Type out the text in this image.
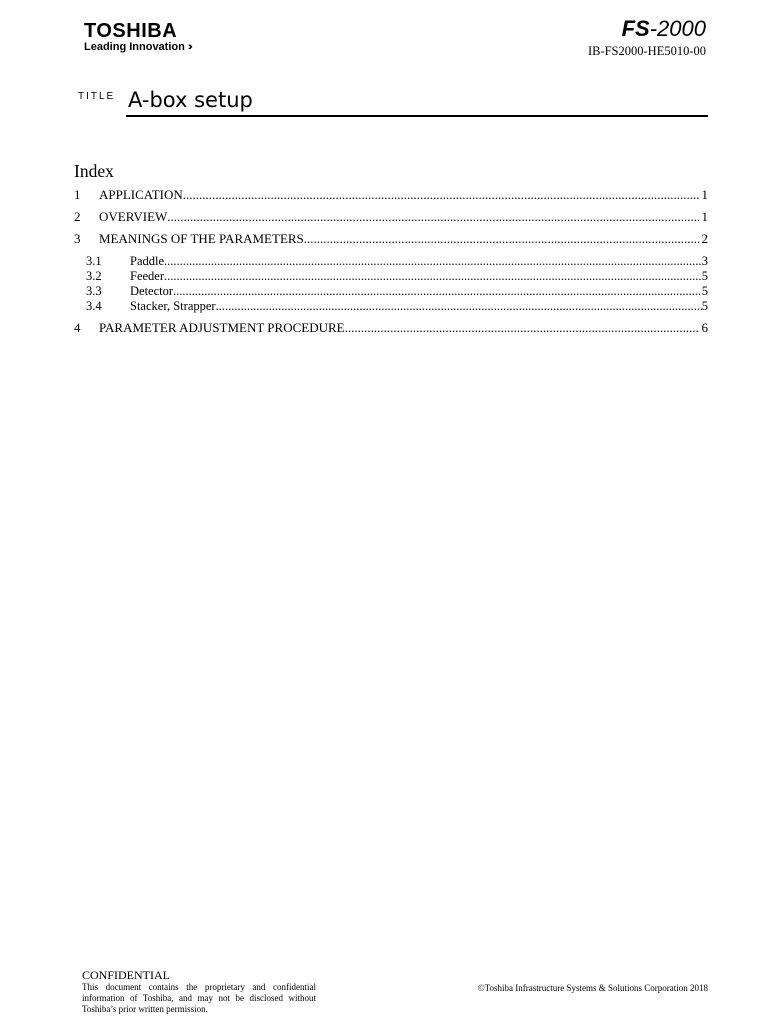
TOSHIBA
Leading Innovation ›››
FS-2000
IB-FS2000-HE5010-00
TITLE A-box setup
Index
1	APPLICATION .....	1
2	OVERVIEW .....	1
3	MEANINGS OF THE PARAMETERS .....	2
3.1	Paddle .....	3
3.2	Feeder .....	5
3.3	Detector .....	5
3.4	Stacker, Strapper .....	5
4	PARAMETER ADJUSTMENT PROCEDURE .....	6
CONFIDENTIAL
This document contains the proprietary and confidential information of Toshiba, and may not be disclosed without Toshiba’s prior written permission.
©Toshiba Infrastructure Systems & Solutions Corporation 2018
